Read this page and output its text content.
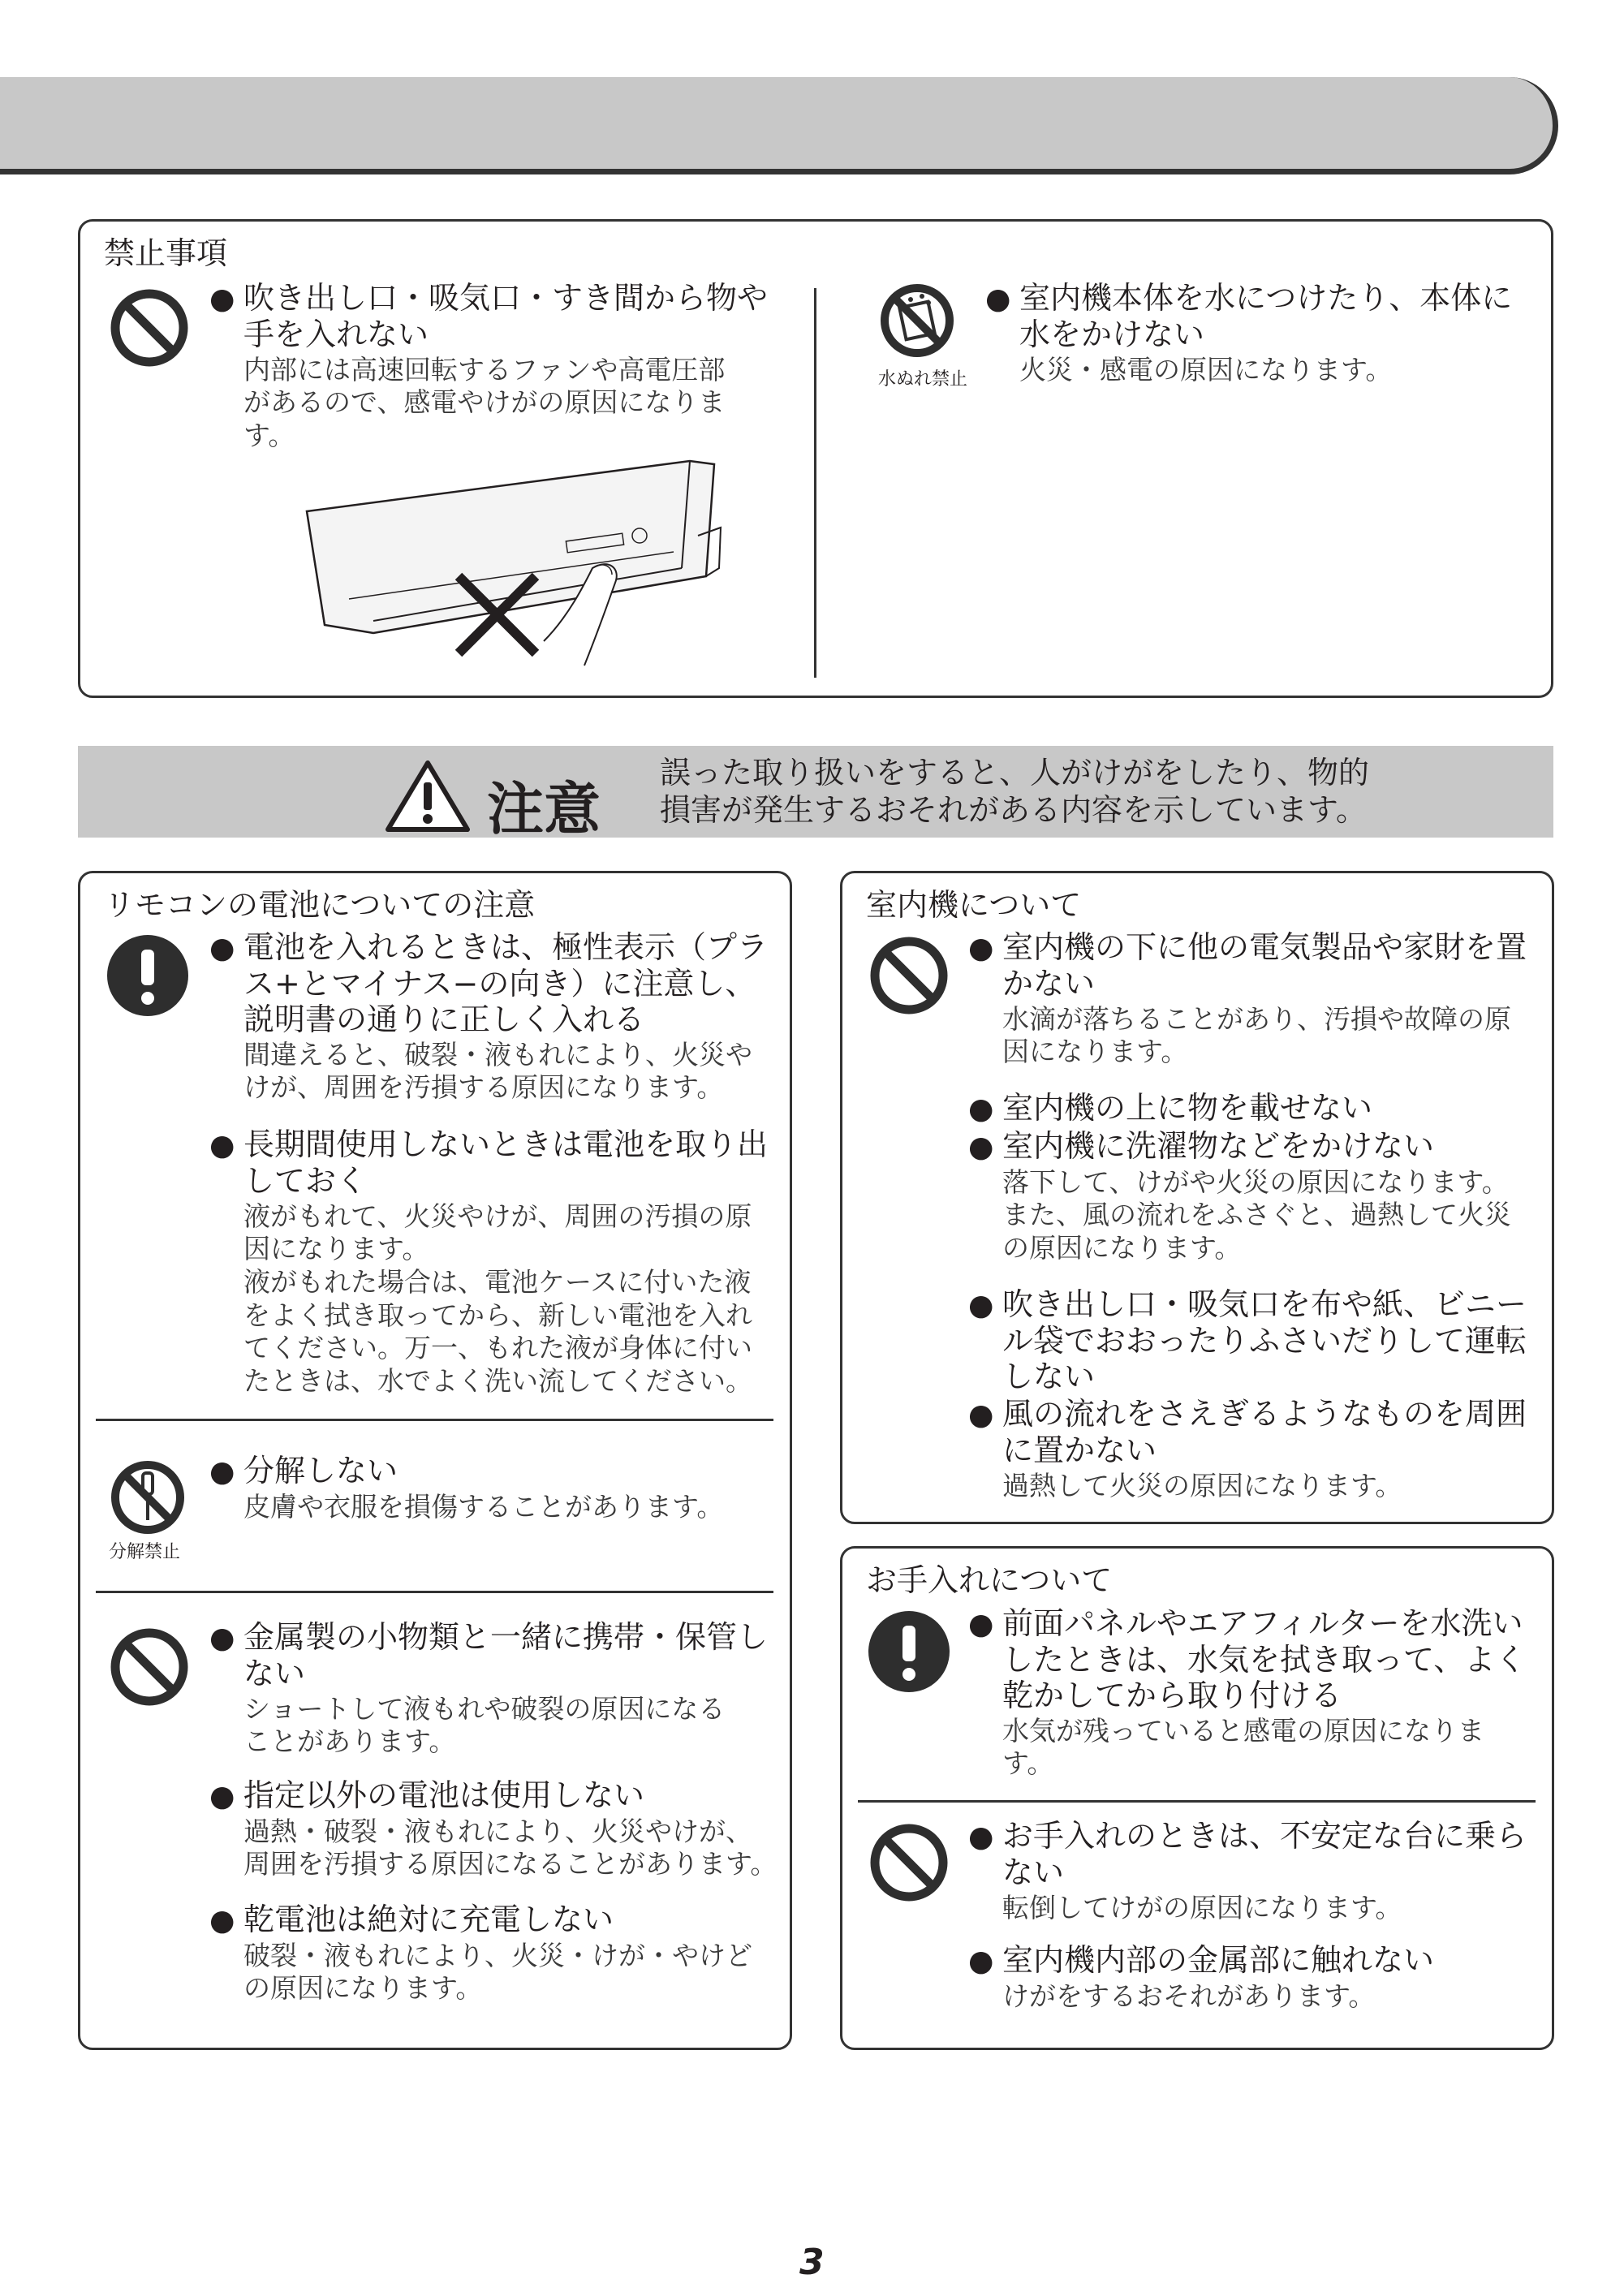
禁止事項
● 吹き出し口・吸気口・すき間から物や
手を入れない
内部には高速回転するファンや高電圧部
があるので、感電やけがの原因になりま
す。
水ぬれ禁止
● 室内機本体を水につけたり、本体に
水をかけない
火災・感電の原因になります。
注意
誤った取り扱いをすると、人がけがをしたり、物的
損害が発生するおそれがある内容を示しています。
リモコンの電池についての注意
● 電池を入れるときは、極性表示（プラ
ス+とマイナス−の向き）に注意し、
説明書の通りに正しく入れる
間違えると、破裂・液もれにより、火災や
けが、周囲を汚損する原因になります。
● 長期間使用しないときは電池を取り出
しておく
液がもれて、火災やけが、周囲の汚損の原
因になります。
液がもれた場合は、電池ケースに付いた液
をよく拭き取ってから、新しい電池を入れ
てください。万一、もれた液が身体に付い
たときは、水でよく洗い流してください。
分解禁止
● 分解しない
皮膚や衣服を損傷することがあります。
● 金属製の小物類と一緒に携帯・保管し
ない
ショートして液もれや破裂の原因になる
ことがあります。
● 指定以外の電池は使用しない
過熱・破裂・液もれにより、火災やけが、
周囲を汚損する原因になることがあります。
● 乾電池は絶対に充電しない
破裂・液もれにより、火災・けが・やけど
の原因になります。
室内機について
● 室内機の下に他の電気製品や家財を置
かない
水滴が落ちることがあり、汚損や故障の原
因になります。
● 室内機の上に物を載せない
● 室内機に洗濯物などをかけない
落下して、けがや火災の原因になります。
また、風の流れをふさぐと、過熱して火災
の原因になります。
● 吹き出し口・吸気口を布や紙、ビニー
ル袋でおおったりふさいだりして運転
しない
● 風の流れをさえぎるようなものを周囲
に置かない
過熱して火災の原因になります。
お手入れについて
● 前面パネルやエアフィルターを水洗い
したときは、水気を拭き取って、よく
乾かしてから取り付ける
水気が残っていると感電の原因になりま
す。
● お手入れのときは、不安定な台に乗ら
ない
転倒してけがの原因になります。
● 室内機内部の金属部に触れない
けがをするおそれがあります。
3
